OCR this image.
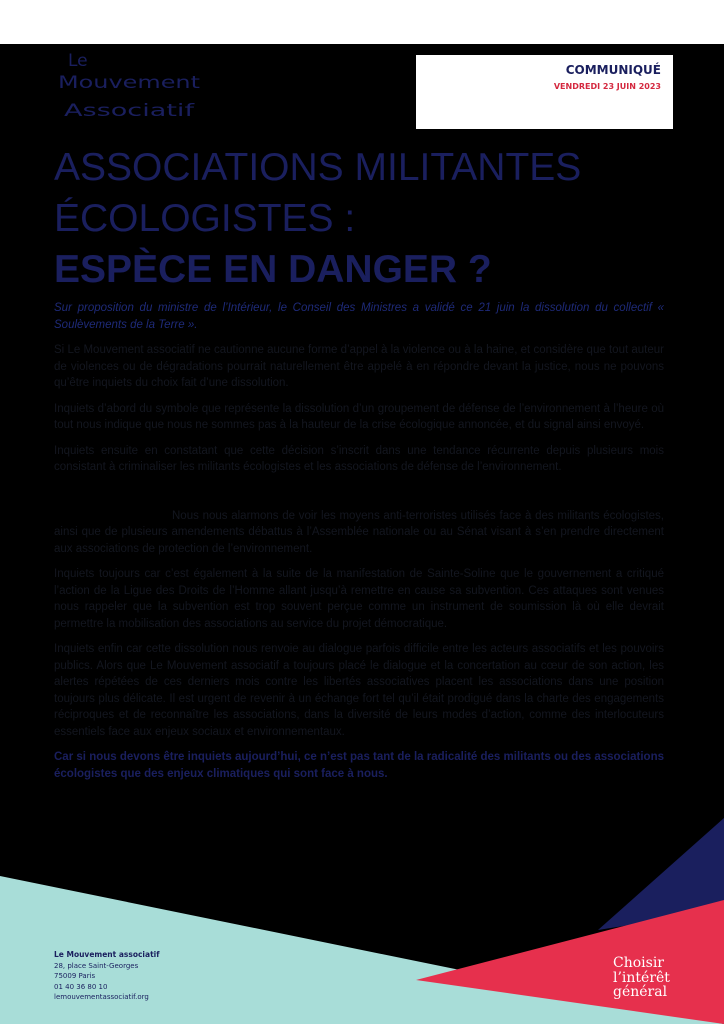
Le
Mouvement
Associatif
COMMUNIQUÉ
VENDREDI 23 JUIN 2023
ASSOCIATIONS MILITANTES
ÉCOLOGISTES :
ESPÈCE EN DANGER ?

Sur proposition du ministre de l’Intérieur, le Conseil des Ministres a validé ce 21 juin la dissolution du collectif « Soulèvements de la Terre ».

Si Le Mouvement associatif ne cautionne aucune forme d’appel à la violence ou à la haine, et considère que tout auteur de violences ou de dégradations pourrait naturellement être appelé à en répondre devant la justice, nous ne pouvons qu’être inquiets du choix fait d’une dissolution.

Inquiets d’abord du symbole que représente la dissolution d’un groupement de défense de l’environnement à l’heure où tout nous indique que nous ne sommes pas à la hauteur de la crise écologique annoncée, et du signal ainsi envoyé.

Inquiets ensuite en constatant que cette décision s’inscrit dans une tendance récurrente depuis plusieurs mois consistant à criminaliser les militants écologistes et les associations de défense de l’environnement.

Nous nous alarmons de voir les moyens anti-terroristes utilisés face à des militants écologistes, ainsi que de plusieurs amendements débattus à l’Assemblée nationale ou au Sénat visant à s’en prendre directement aux associations de protection de l’environnement.

Inquiets toujours car c’est également à la suite de la manifestation de Sainte-Soline que le gouvernement a critiqué l’action de la Ligue des Droits de l’Homme allant jusqu’à remettre en cause sa subvention. Ces attaques sont venues nous rappeler que la subvention est trop souvent perçue comme un instrument de soumission là où elle devrait permettre la mobilisation des associations au service du projet démocratique.

Inquiets enfin car cette dissolution nous renvoie au dialogue parfois difficile entre les acteurs associatifs et les pouvoirs publics. Alors que Le Mouvement associatif a toujours placé le dialogue et la concertation au cœur de son action, les alertes répétées de ces derniers mois contre les libertés associatives placent les associations dans une position toujours plus délicate. Il est urgent de revenir à un échange fort tel qu’il était prodigué dans la charte des engagements réciproques et de reconnaître les associations, dans la diversité de leurs modes d’action, comme des interlocuteurs essentiels face aux enjeux sociaux et environnementaux.

Car si nous devons être inquiets aujourd’hui, ce n’est pas tant de la radicalité des militants ou des associations écologistes que des enjeux climatiques qui sont face à nous.

Le Mouvement associatif
28, place Saint-Georges
75009 Paris
01 40 36 80 10
lemouvementassociatif.org
Choisir
l’intérêt
général
